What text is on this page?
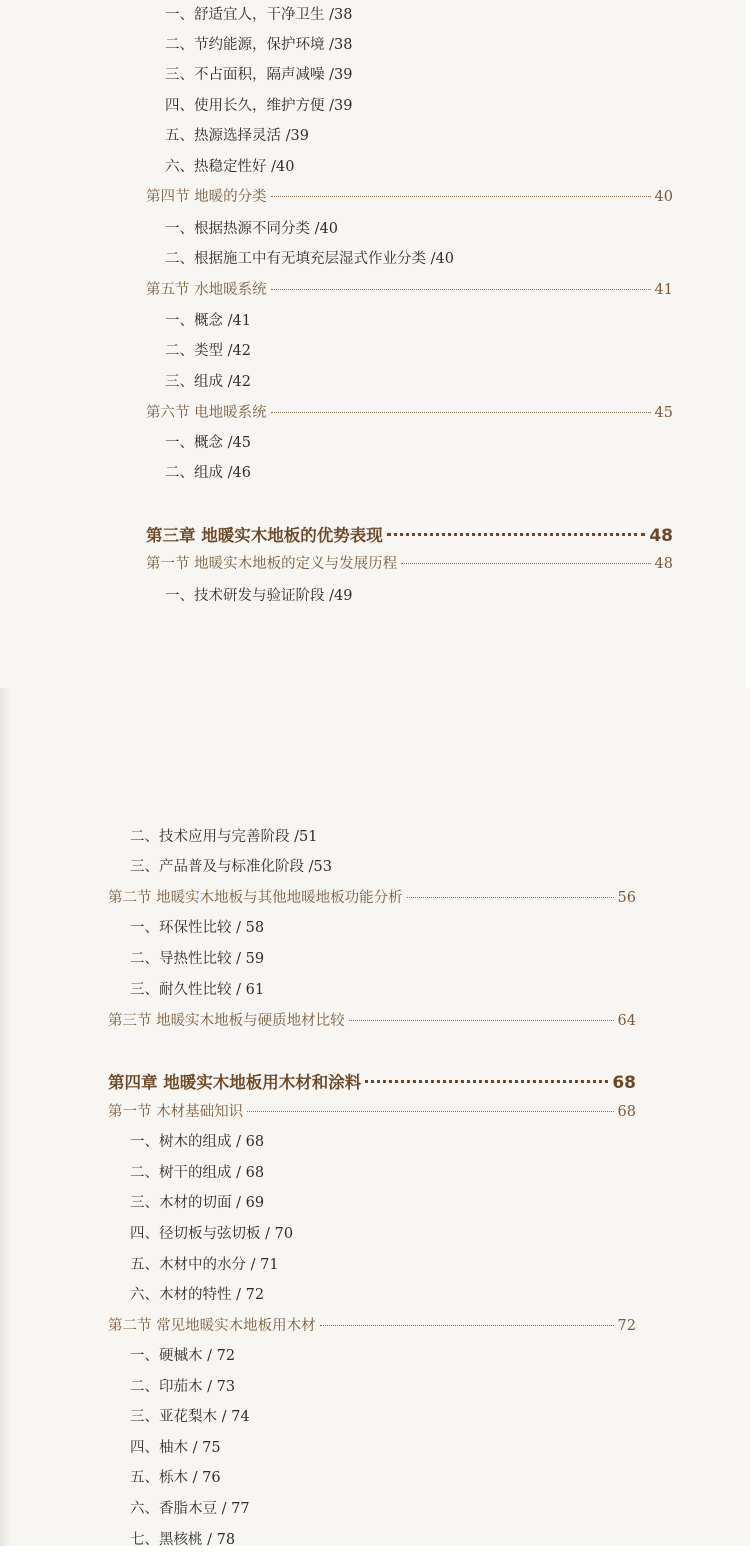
一、舒适宜人，干净卫生 /38
二、节约能源，保护环境 /38
三、不占面积，隔声减噪 /39
四、使用长久，维护方便 /39
五、热源选择灵活 /39
六、热稳定性好 /40
第四节 地暖的分类	40
一、根据热源不同分类 /40
二、根据施工中有无填充层湿式作业分类 /40
第五节 水地暖系统	41
一、概念 /41
二、类型 /42
三、组成 /42
第六节 电地暖系统	45
一、概念 /45
二、组成 /46
第三章 地暖实木地板的优势表现	48
第一节 地暖实木地板的定义与发展历程	48
一、技术研发与验证阶段 /49
二、技术应用与完善阶段 /51
三、产品普及与标准化阶段 /53
第二节 地暖实木地板与其他地暖地板功能分析	56
一、环保性比较 / 58
二、导热性比较 / 59
三、耐久性比较 / 61
第三节 地暖实木地板与硬质地材比较	64
第四章 地暖实木地板用木材和涂料	68
第一节 木材基础知识	68
一、树木的组成 / 68
二、树干的组成 / 68
三、木材的切面 / 69
四、径切板与弦切板 / 70
五、木材中的水分 / 71
六、木材的特性 / 72
第二节 常见地暖实木地板用木材	72
一、硬槭木 / 72
二、印茄木 / 73
三、亚花梨木 / 74
四、柚木 / 75
五、栎木 / 76
六、香脂木豆 / 77
七、黑核桃 / 78
